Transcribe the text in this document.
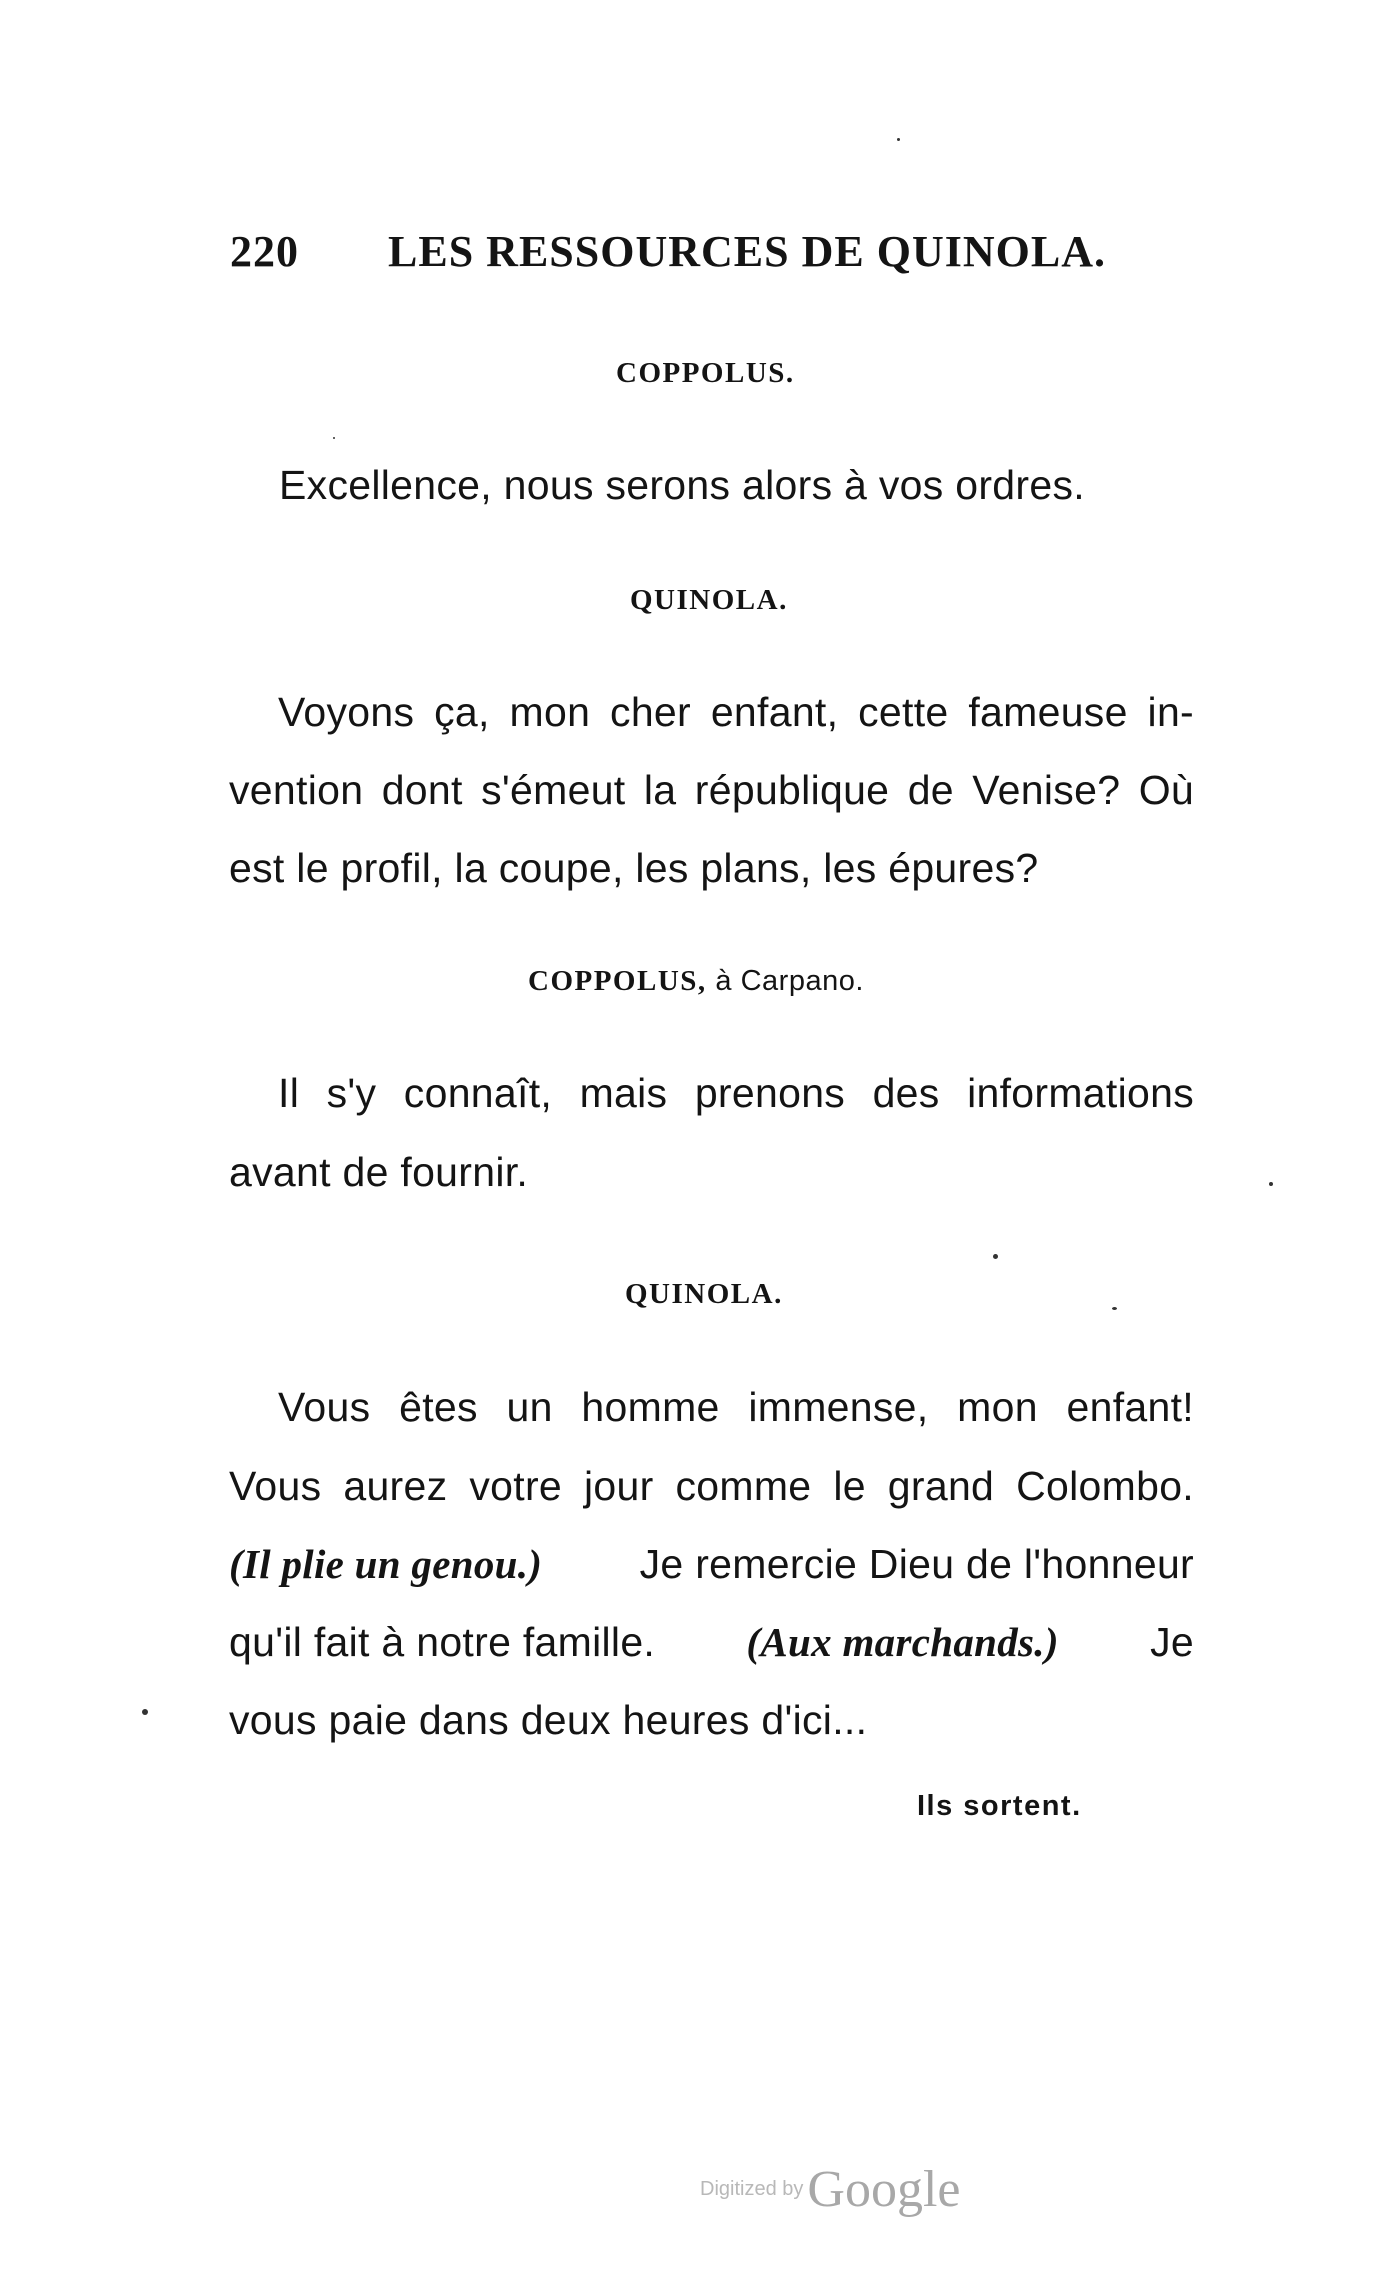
220 LES RESSOURCES DE QUINOLA.
COPPOLUS.
Excellence, nous serons alors à vos ordres.
QUINOLA.
Voyons ça, mon cher enfant, cette fameuse in-
vention dont s'émeut la république de Venise? Où
est le profil, la coupe, les plans, les épures?
COPPOLUS, à Carpano.
Il s'y connaît, mais prenons des informations
avant de fournir.
QUINOLA.
Vous êtes un homme immense, mon enfant!
Vous aurez votre jour comme le grand Colombo.
(Il plie un genou.) Je remercie Dieu de l'honneur
qu'il fait à notre famille. (Aux marchands.) Je
vous paie dans deux heures d'ici...
Ils sortent.
Digitized by Google
